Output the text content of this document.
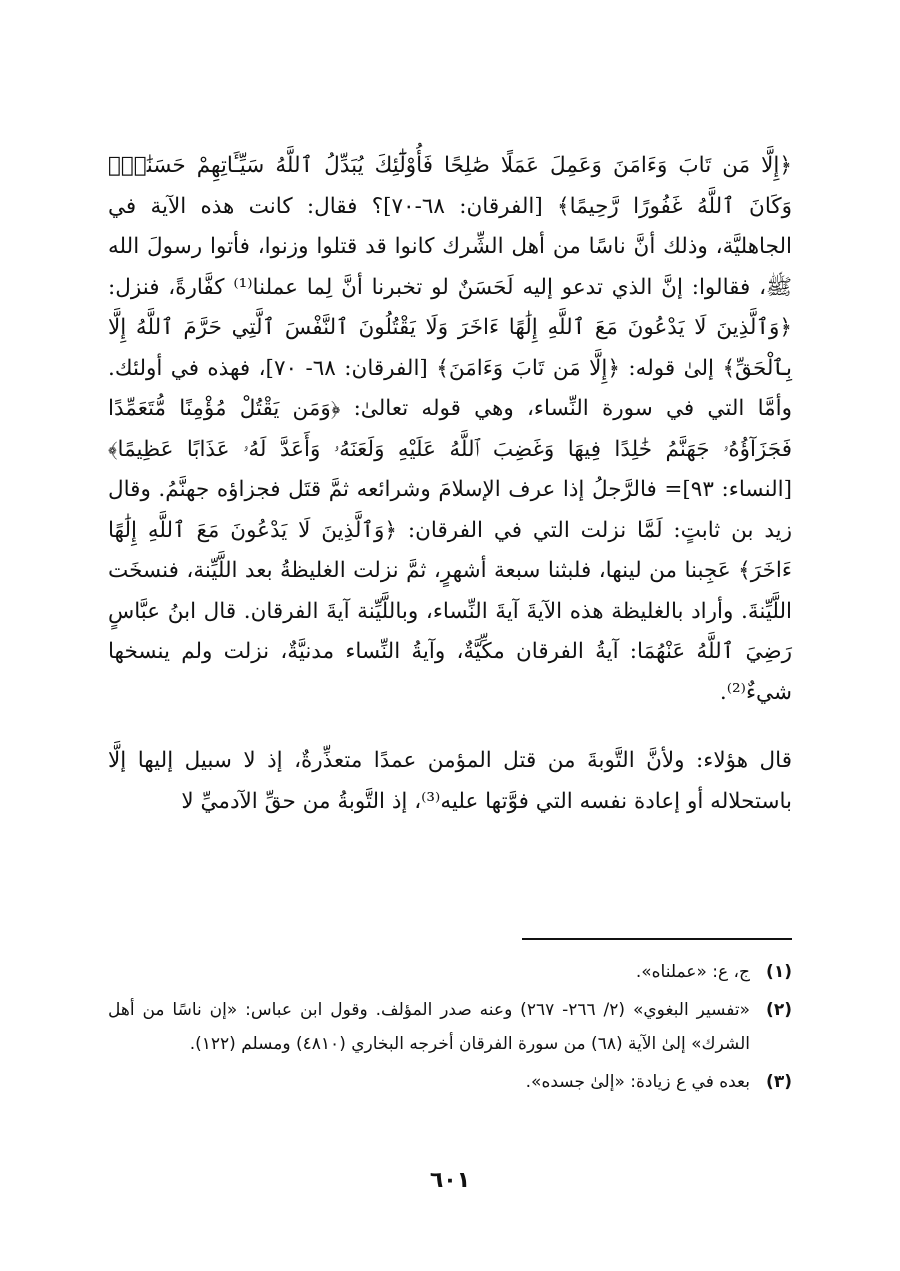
﴿إِلَّا مَن تَابَ وَءَامَنَ وَعَمِلَ عَمَلًا صَٰلِحًا فَأُوْلَٰٓئِكَ يُبَدِّلُ ٱللَّهُ سَيِّـَٔاتِهِمْ حَسَنَٰتٍۗ وَكَانَ ٱللَّهُ غَفُورًا رَّحِيمًا﴾ [الفرقان: ٦٨-٧٠]؟ فقال: كانت هذه الآية في الجاهليَّة، وذلك أنَّ ناسًا من أهل الشِّرك كانوا قد قتلوا وزنوا، فأتوا رسولَ الله ﷺ، فقالوا: إنَّ الذي تدعو إليه لَحَسَنٌ لو تخبرنا أنَّ لِما عملنا⁽¹⁾ كفَّارةً، فنزل: ﴿وَٱلَّذِينَ لَا يَدْعُونَ مَعَ ٱللَّهِ إِلَٰهًا ءَاخَرَ وَلَا يَقْتُلُونَ ٱلنَّفْسَ ٱلَّتِي حَرَّمَ ٱللَّهُ إِلَّا بِٱلْحَقِّ﴾ إلىٰ قوله: ﴿إِلَّا مَن تَابَ وَءَامَنَ﴾ [الفرقان: ٦٨- ٧٠]، فهذه في أولئك. وأمَّا التي في سورة النِّساء، وهي قوله تعالىٰ: ﴿وَمَن يَقْتُلْ مُؤْمِنًا مُّتَعَمِّدًا فَجَزَآؤُهُۥ جَهَنَّمُ خَٰلِدًا فِيهَا وَغَضِبَ ٱللَّهُ عَلَيْهِ وَلَعَنَهُۥ وَأَعَدَّ لَهُۥ عَذَابًا عَظِيمًا﴾ [النساء: ٩٣]= فالرَّجلُ إذا عرف الإسلامَ وشرائعه ثمَّ قتَل فجزاؤه جهنَّمُ. وقال زيد بن ثابتٍ: لَمَّا نزلت التي في الفرقان: ﴿وَٱلَّذِينَ لَا يَدْعُونَ مَعَ ٱللَّهِ إِلَٰهًا ءَاخَرَ﴾ عَجِبنا من لينها، فلبثنا سبعة أشهرٍ، ثمَّ نزلت الغليظةُ بعد اللَّيِّنة، فنسخَت اللَّيِّنةَ. وأراد بالغليظة هذه الآيةَ آيةَ النِّساء، وباللَّيِّنة آيةَ الفرقان. قال ابنُ عبَّاسٍ رَضِيَ ٱللَّهُ عَنْهُمَا: آيةُ الفرقان مكِّيَّةٌ، وآيةُ النِّساء مدنيَّةٌ، نزلت ولم ينسخها شيءٌ⁽²⁾.

قال هؤلاء: ولأنَّ التَّوبةَ من قتل المؤمن عمدًا متعذِّرةٌ، إذ لا سبيل إليها إلَّا باستحلاله أو إعادة نفسه التي فوَّتها عليه⁽³⁾، إذ التَّوبةُ من حقِّ الآدميِّ لا

(١)
ج، ع: «عملناه».
(٢)
«تفسير البغوي» (٢/ ٢٦٦- ٢٦٧) وعنه صدر المؤلف. وقول ابن عباس: «إن ناسًا من أهل الشرك» إلىٰ الآية (٦٨) من سورة الفرقان أخرجه البخاري (٤٨١٠) ومسلم (١٢٢).
(٣)
بعده في ع زيادة: «إلىٰ جسده».
٦٠١
